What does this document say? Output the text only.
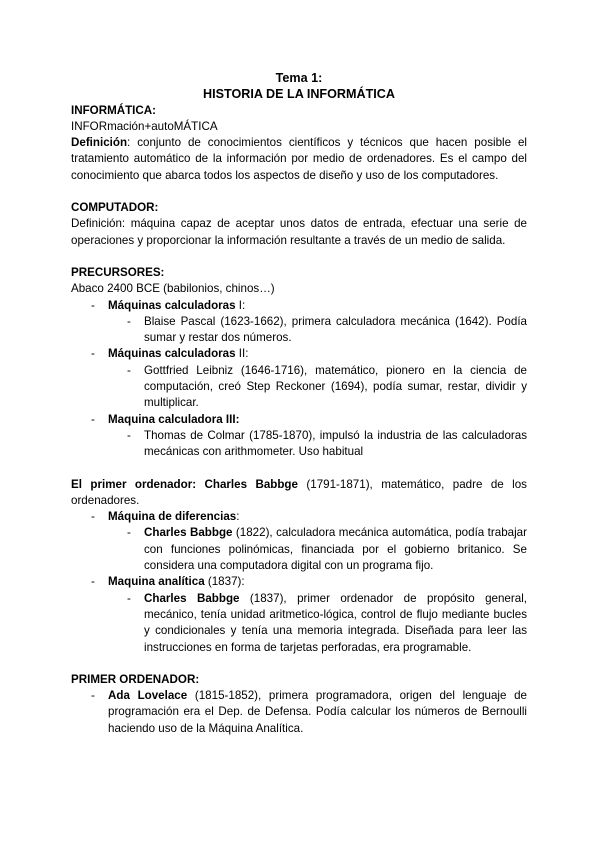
Tema 1:

HISTORIA DE LA INFORMÁTICA

INFORMÁTICA:

INFORmación+autoMÁTICA

Definición: conjunto de conocimientos científicos y técnicos que hacen posible el tratamiento automático de la información por medio de ordenadores. Es el campo del conocimiento que abarca todos los aspectos de diseño y uso de los computadores.

COMPUTADOR:

Definición: máquina capaz de aceptar unos datos de entrada, efectuar una serie de operaciones y proporcionar la información resultante a través de un medio de salida.

PRECURSORES:

Abaco 2400 BCE (babilonios, chinos…)

- Máquinas calculadoras I:
- Blaise Pascal (1623-1662), primera calculadora mecánica (1642). Podía sumar y restar dos números.
- Máquinas calculadoras II:
- Gottfried Leibniz (1646-1716), matemático, pionero en la ciencia de computación, creó Step Reckoner (1694), podía sumar, restar, dividir y multiplicar.
- Maquina calculadora III:
- Thomas de Colmar (1785-1870), impulsó la industria de las calculadoras mecánicas con arithmometer. Uso habitual

El primer ordenador: Charles Babbge (1791-1871), matemático, padre de los ordenadores.

- Máquina de diferencias:
- Charles Babbge (1822), calculadora mecánica automática, podía trabajar con funciones polinómicas, financiada por el gobierno britanico. Se considera una computadora digital con un programa fijo.
- Maquina analítica (1837):
- Charles Babbge (1837), primer ordenador de propósito general, mecánico, tenía unidad aritmetico-lógica, control de flujo mediante bucles y condicionales y tenía una memoria integrada. Diseñada para leer las instrucciones en forma de tarjetas perforadas, era programable.

PRIMER ORDENADOR:

- Ada Lovelace (1815-1852), primera programadora, origen del lenguaje de programación era el Dep. de Defensa. Podía calcular los números de Bernoulli haciendo uso de la Máquina Analítica.
